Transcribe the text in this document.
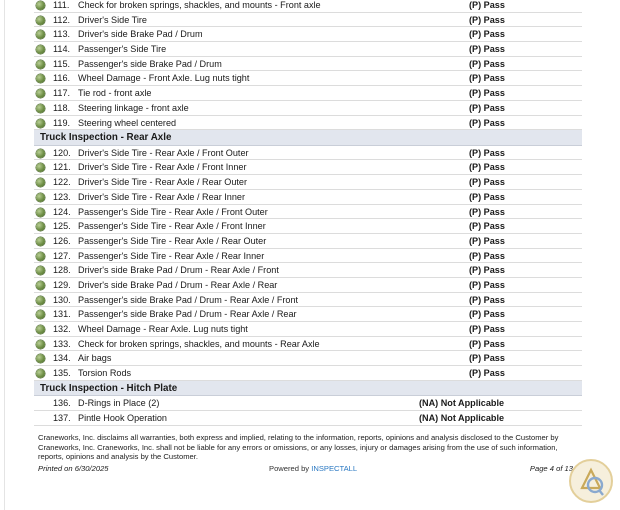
111. Check for broken springs, shackles, and mounts - Front axle	(P) Pass
112. Driver's Side Tire	(P) Pass
113. Driver's side Brake Pad / Drum	(P) Pass
114. Passenger's Side Tire	(P) Pass
115. Passenger's side Brake Pad / Drum	(P) Pass
116. Wheel Damage - Front Axle. Lug nuts tight	(P) Pass
117. Tie rod - front axle	(P) Pass
118. Steering linkage - front axle	(P) Pass
119. Steering wheel centered	(P) Pass
Truck Inspection - Rear Axle
120. Driver's Side Tire - Rear Axle / Front Outer	(P) Pass
121. Driver's Side Tire - Rear Axle / Front Inner	(P) Pass
122. Driver's Side Tire - Rear Axle / Rear Outer	(P) Pass
123. Driver's Side Tire - Rear Axle / Rear Inner	(P) Pass
124. Passenger's Side Tire - Rear Axle / Front Outer	(P) Pass
125. Passenger's Side Tire - Rear Axle / Front Inner	(P) Pass
126. Passenger's Side Tire - Rear Axle / Rear Outer	(P) Pass
127. Passenger's Side Tire - Rear Axle / Rear Inner	(P) Pass
128. Driver's side Brake Pad / Drum - Rear Axle / Front	(P) Pass
129. Driver's side Brake Pad / Drum - Rear Axle / Rear	(P) Pass
130. Passenger's side Brake Pad / Drum - Rear Axle / Front	(P) Pass
131. Passenger's side Brake Pad / Drum - Rear Axle / Rear	(P) Pass
132. Wheel Damage - Rear Axle. Lug nuts tight	(P) Pass
133. Check for broken springs, shackles, and mounts - Rear Axle	(P) Pass
134. Air bags	(P) Pass
135. Torsion Rods	(P) Pass
Truck Inspection - Hitch Plate
136. D-Rings in Place (2)	(NA) Not Applicable
137. Pintle Hook Operation	(NA) Not Applicable
Craneworks, Inc. disclaims all warranties, both express and implied, relating to the information, reports, opinions and analysis disclosed to the Customer by Craneworks, Inc. Craneworks, Inc. shall not be liable for any errors or omissions, or any losses, injury or damages arising from the use of such information, reports, opinions and analysis by the Customer.
Printed on 6/30/2025	Powered by INSPECTALL	Page 4 of 13
